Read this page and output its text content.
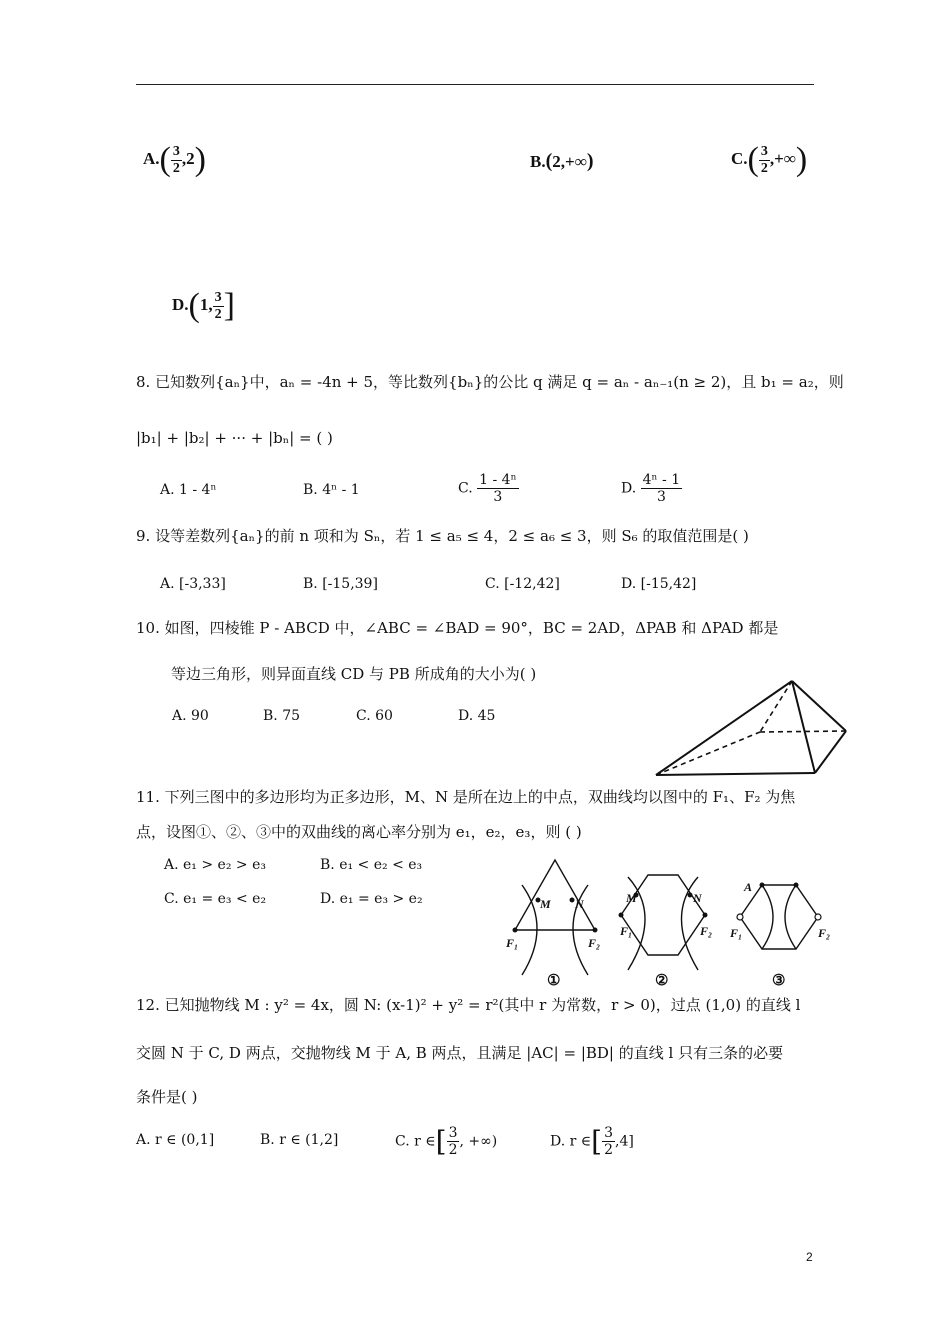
$A.( \frac{3}{2} ,2)$	B.(2,+∞)	$C.( \frac{3}{2}$ ,+∞)
D.(1, $\frac{3}{2}$ ]
8. 已知数列{aₙ}中，aₙ = -4n + 5，等比数列{bₙ}的公比 q 满足 q = aₙ - aₙ₋₁(n ≥ 2)，且 b₁ = a₂，则
|b₁| + |b₂| + ··· + |bₙ| = ( )
A. 1 - 4ⁿ	B. 4ⁿ - 1	C. $\frac{\text{1 - 4ⁿ}}{3}$	D. $\frac{\text{4ⁿ - 1}}{3}$
9. 设等差数列{aₙ}的前 n 项和为 Sₙ，若 1 ≤ a₅ ≤ 4，2 ≤ a₆ ≤ 3，则 S₆ 的取值范围是( )
A. [-3,33]	B. [-15,39]	C. [-12,42]	D. [-15,42]
10. 如图，四棱锥 P - ABCD 中，∠ABC = ∠BAD = 90°，BC = 2AD，ΔPAB 和 ΔPAD 都是
等边三角形，则异面直线 CD 与 PB 所成角的大小为( )
A. 90	B. 75	C. 60	D. 45
11. 下列三图中的多边形均为正多边形，M、N 是所在边上的中点，双曲线均以图中的 F₁、F₂ 为焦
点，设图①、②、③中的双曲线的离心率分别为 e₁，e₂，e₃，则 ( )
A. e₁ > e₂ > e₃	B. e₁ < e₂ < e₃
C. e₁ = e₃ < e₂	D. e₁ = e₃ > e₂	M N
F₁	F₂
M	N
F₁	F₂
A
F₁	F₂
①	②	③
12. 已知抛物线 M : y² = 4x，圆 N: (x-1)² + y² = r²(其中 r 为常数，r > 0)，过点 (1,0) 的直线 l
交圆 N 于 C, D 两点，交抛物线 M 于 A, B 两点，且满足 |AC| = |BD| 的直线 l 只有三条的必要
条件是( )
A. r ∈ (0,1]	B. r ∈ (1,2]	C. r ∈[ $\frac{3}{2}$ , +∞)	D. r ∈[ $\frac{3}{2} ,4$]
2
